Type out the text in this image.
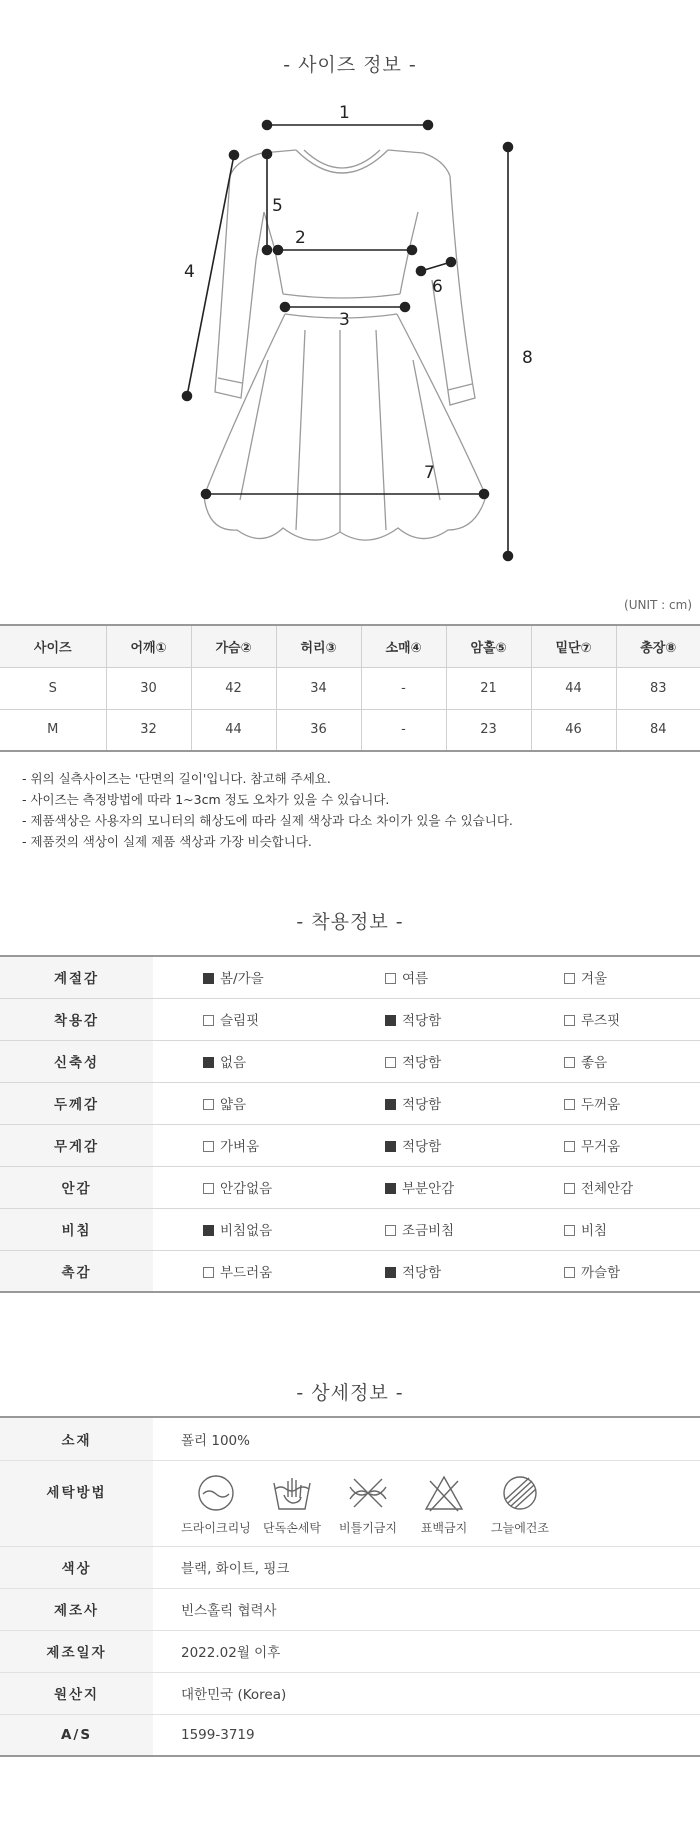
- 사이즈 정보 -
1
2
3
4
5
6
7
8
(UNIT : cm)
사이즈	어깨①	가슴②	허리③	소매④	암홀⑤	밑단⑦	총장⑧
S	30	42	34	-	21	44	83
M	32	44	36	-	23	46	84
- 위의 실측사이즈는 '단면의 길이'입니다. 참고해 주세요.
- 사이즈는 측정방법에 따라 1~3cm 정도 오차가 있을 수 있습니다.
- 제품색상은 사용자의 모니터의 해상도에 따라 실제 색상과 다소 차이가 있을 수 있습니다.
- 제품컷의 색상이 실제 제품 색상과 가장 비슷합니다.
- 착용정보 -
계절감	봄/가을	여름	겨울
착용감	슬림핏	적당함	루즈핏
신축성	없음	적당함	좋음
두께감	얇음	적당함	두꺼움
무게감	가벼움	적당함	무거움
안감	안감없음	부분안감	전체안감
비침	비침없음	조금비침	비침
촉감	부드러움	적당함	까슬함
- 상세정보 -
소재	폴리 100%
세탁방법	드라이크리닝 단독손세탁 비틀기금지 표백금지 그늘에건조

색상	블랙, 화이트, 핑크
제조사	빈스홀릭 협력사
제조일자	2022.02월 이후
원산지	대한민국 (Korea)
A/S	1599-3719
